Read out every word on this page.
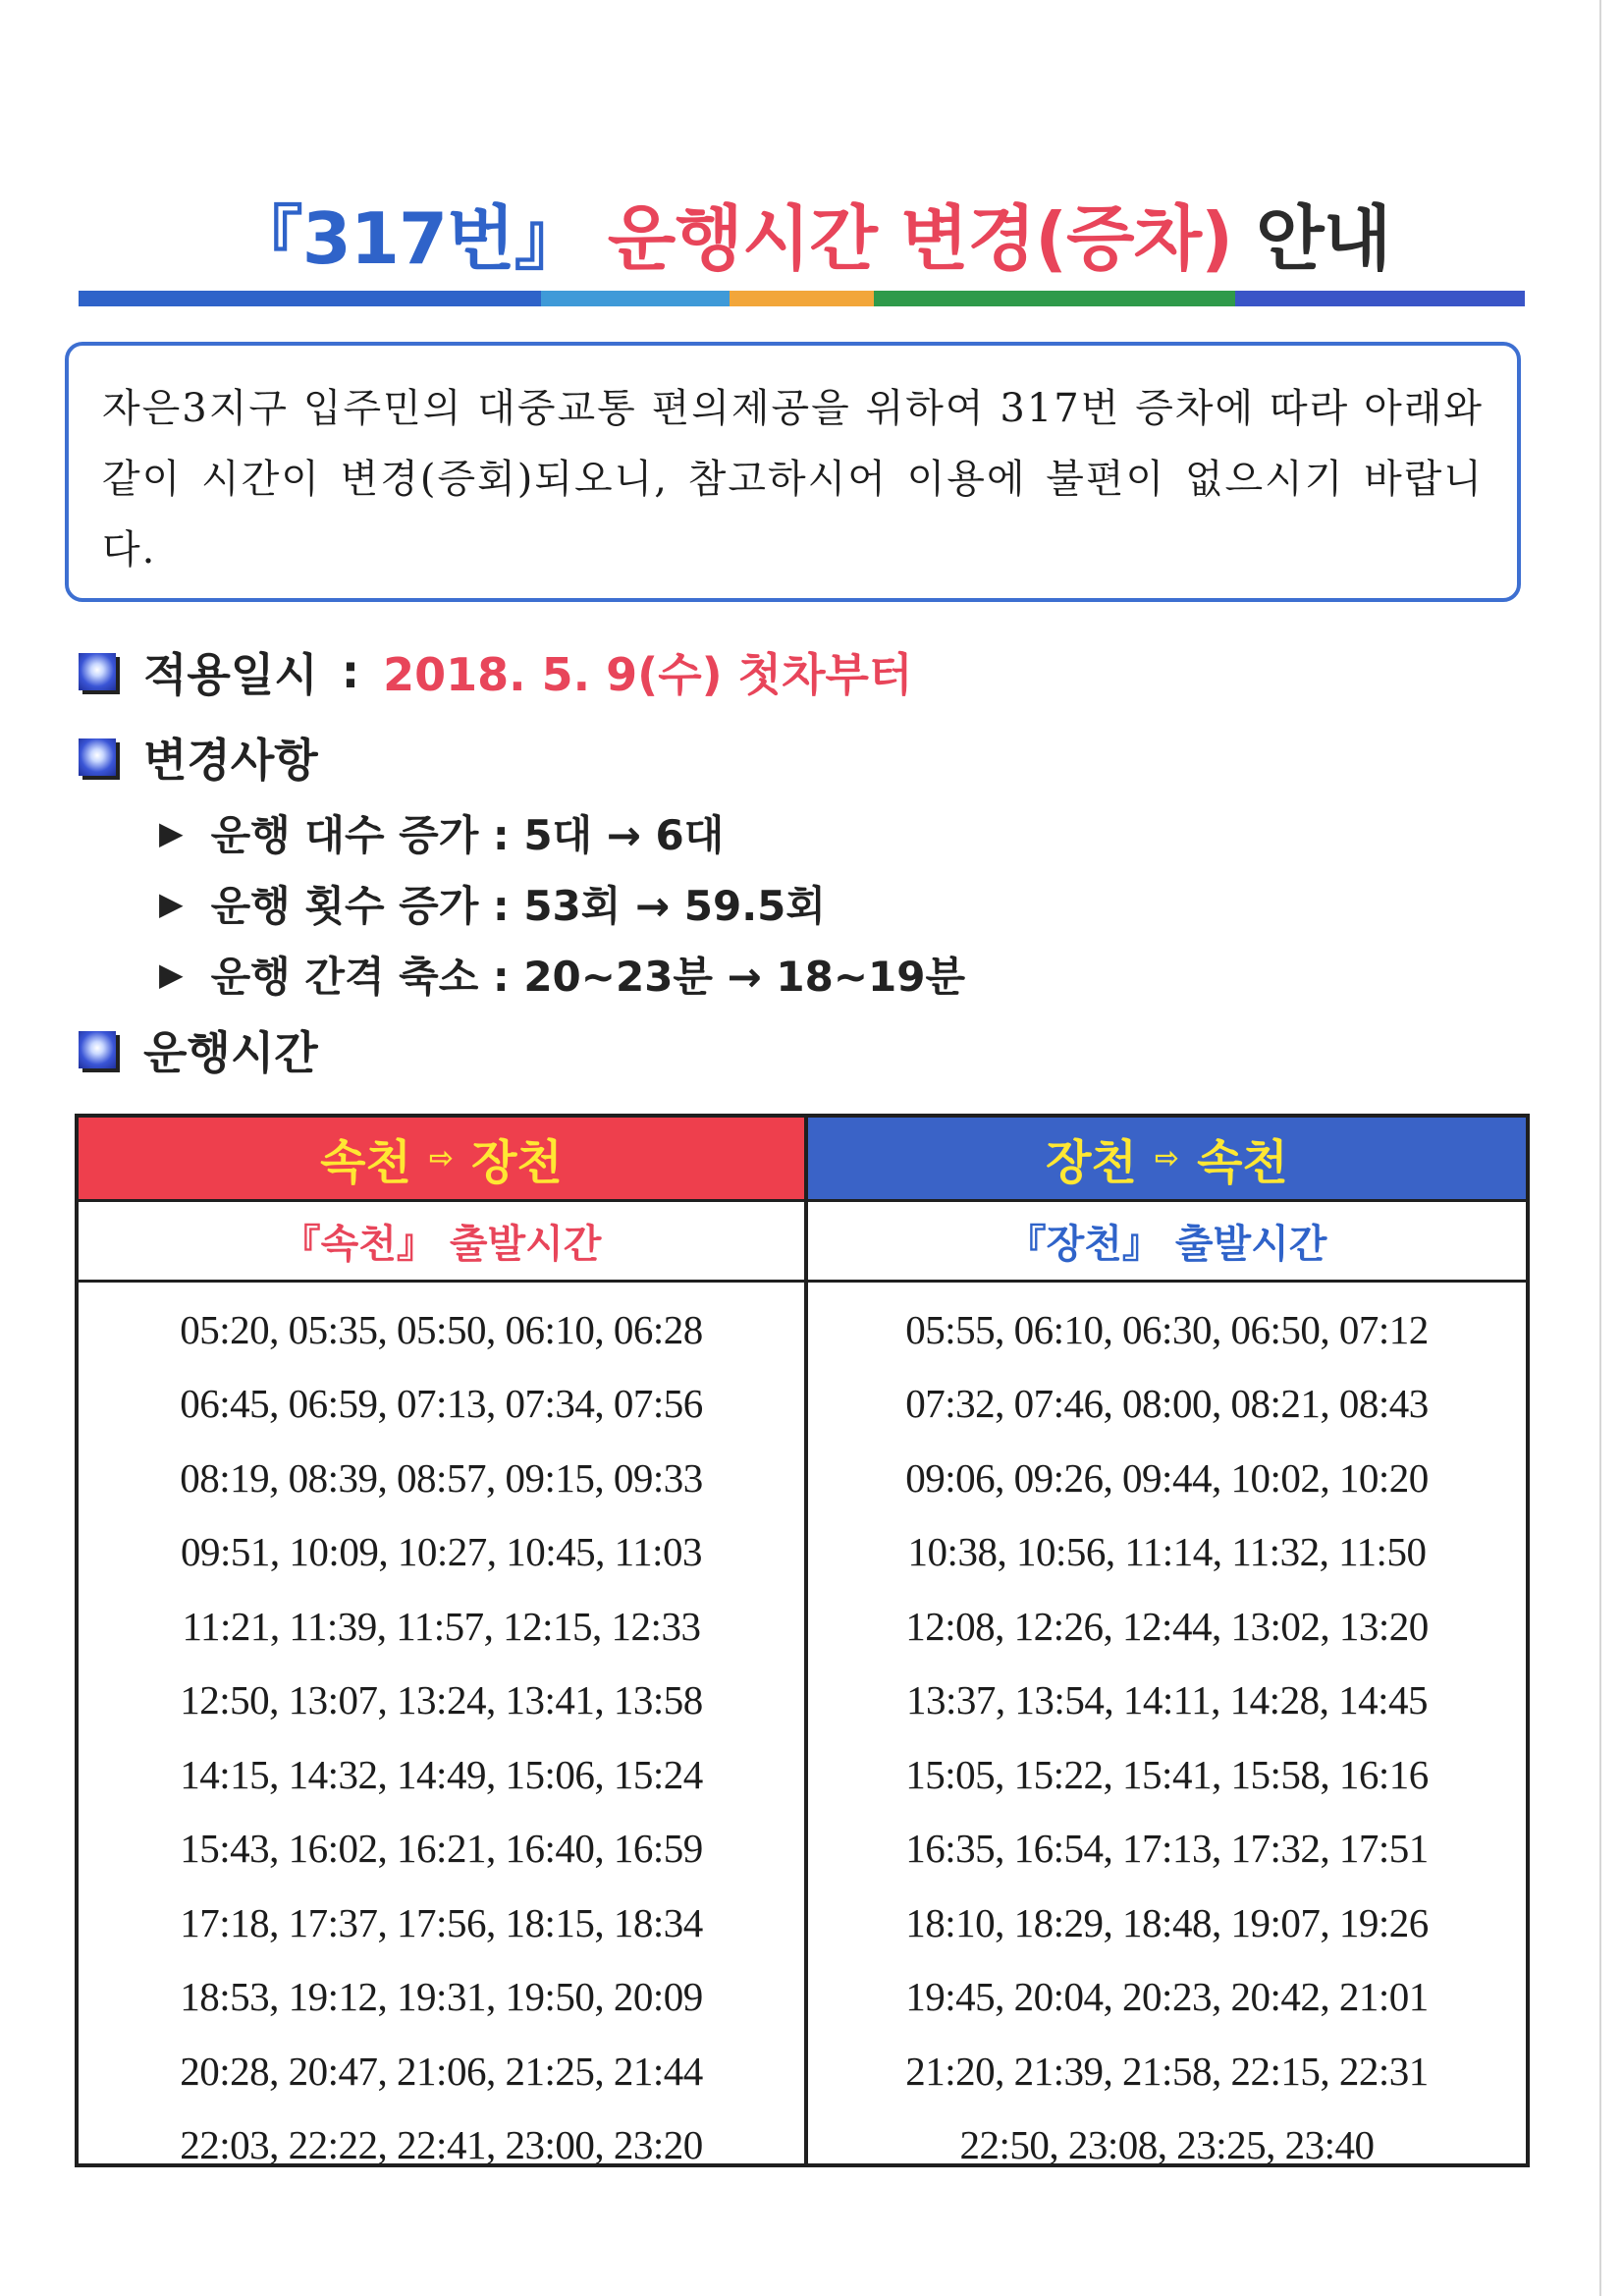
『317번』 운행시간 변경(증차) 안내
자은3지구 입주민의 대중교통 편의제공을 위하여 317번 증차에 따라 아래와 같이 시간이 변경(증회)되오니, 참고하시어 이용에 불편이 없으시기 바랍니다.
적용일시 : 2018. 5. 9(수) 첫차부터
변경사항
▶ 운행 대수 증가 : 5대 → 6대
▶ 운행 횟수 증가 : 53회 → 59.5회
▶ 운행 간격 축소 : 20~23분 → 18~19분
운행시간
속천 ⇨ 장천
『속천』 출발시간
05:20, 05:35, 05:50, 06:10, 06:28
06:45, 06:59, 07:13, 07:34, 07:56
08:19, 08:39, 08:57, 09:15, 09:33
09:51, 10:09, 10:27, 10:45, 11:03
11:21, 11:39, 11:57, 12:15, 12:33
12:50, 13:07, 13:24, 13:41, 13:58
14:15, 14:32, 14:49, 15:06, 15:24
15:43, 16:02, 16:21, 16:40, 16:59
17:18, 17:37, 17:56, 18:15, 18:34
18:53, 19:12, 19:31, 19:50, 20:09
20:28, 20:47, 21:06, 21:25, 21:44
22:03, 22:22, 22:41, 23:00, 23:20
장천 ⇨ 속천
『장천』 출발시간
05:55, 06:10, 06:30, 06:50, 07:12
07:32, 07:46, 08:00, 08:21, 08:43
09:06, 09:26, 09:44, 10:02, 10:20
10:38, 10:56, 11:14, 11:32, 11:50
12:08, 12:26, 12:44, 13:02, 13:20
13:37, 13:54, 14:11, 14:28, 14:45
15:05, 15:22, 15:41, 15:58, 16:16
16:35, 16:54, 17:13, 17:32, 17:51
18:10, 18:29, 18:48, 19:07, 19:26
19:45, 20:04, 20:23, 20:42, 21:01
21:20, 21:39, 21:58, 22:15, 22:31
22:50, 23:08, 23:25, 23:40
